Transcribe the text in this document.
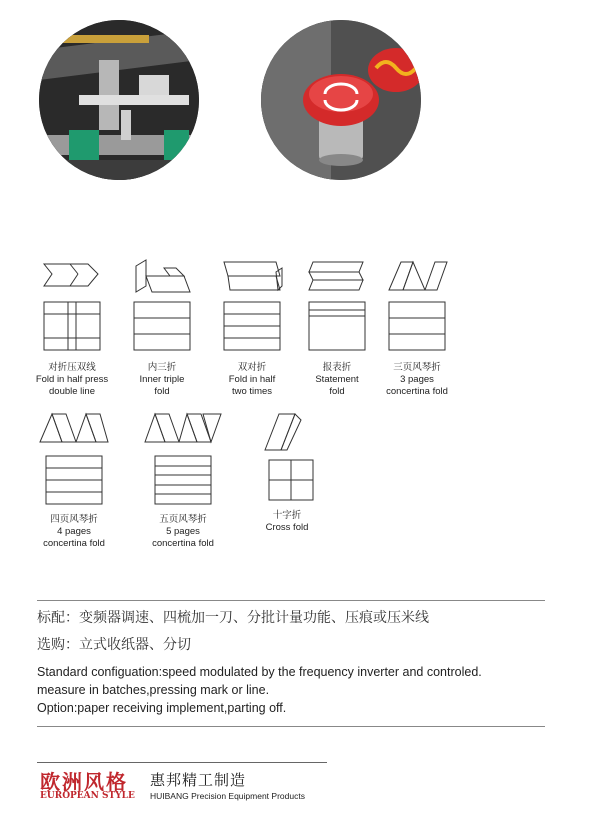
对折压双线
Fold in half press
double line
内三折
Inner triple
fold
双对折
Fold in half
two times
报表折
Statement
fold
三页风琴折
3 pages
concertina fold
四页风琴折
4 pages
concertina fold
五页风琴折
5 pages
concertina fold
十字折
Cross fold
标配：变频器调速、四梳加一刀、分批计量功能、压痕或压米线
选购：立式收纸器、分切
Standard configuation:speed modulated by the frequency inverter and controled.
measure in batches,pressing mark or line.
Option:paper receiving implement,parting off.
欧洲风格
EUROPEAN STYLE
惠邦精工制造
HUIBANG Precision Equipment Products
